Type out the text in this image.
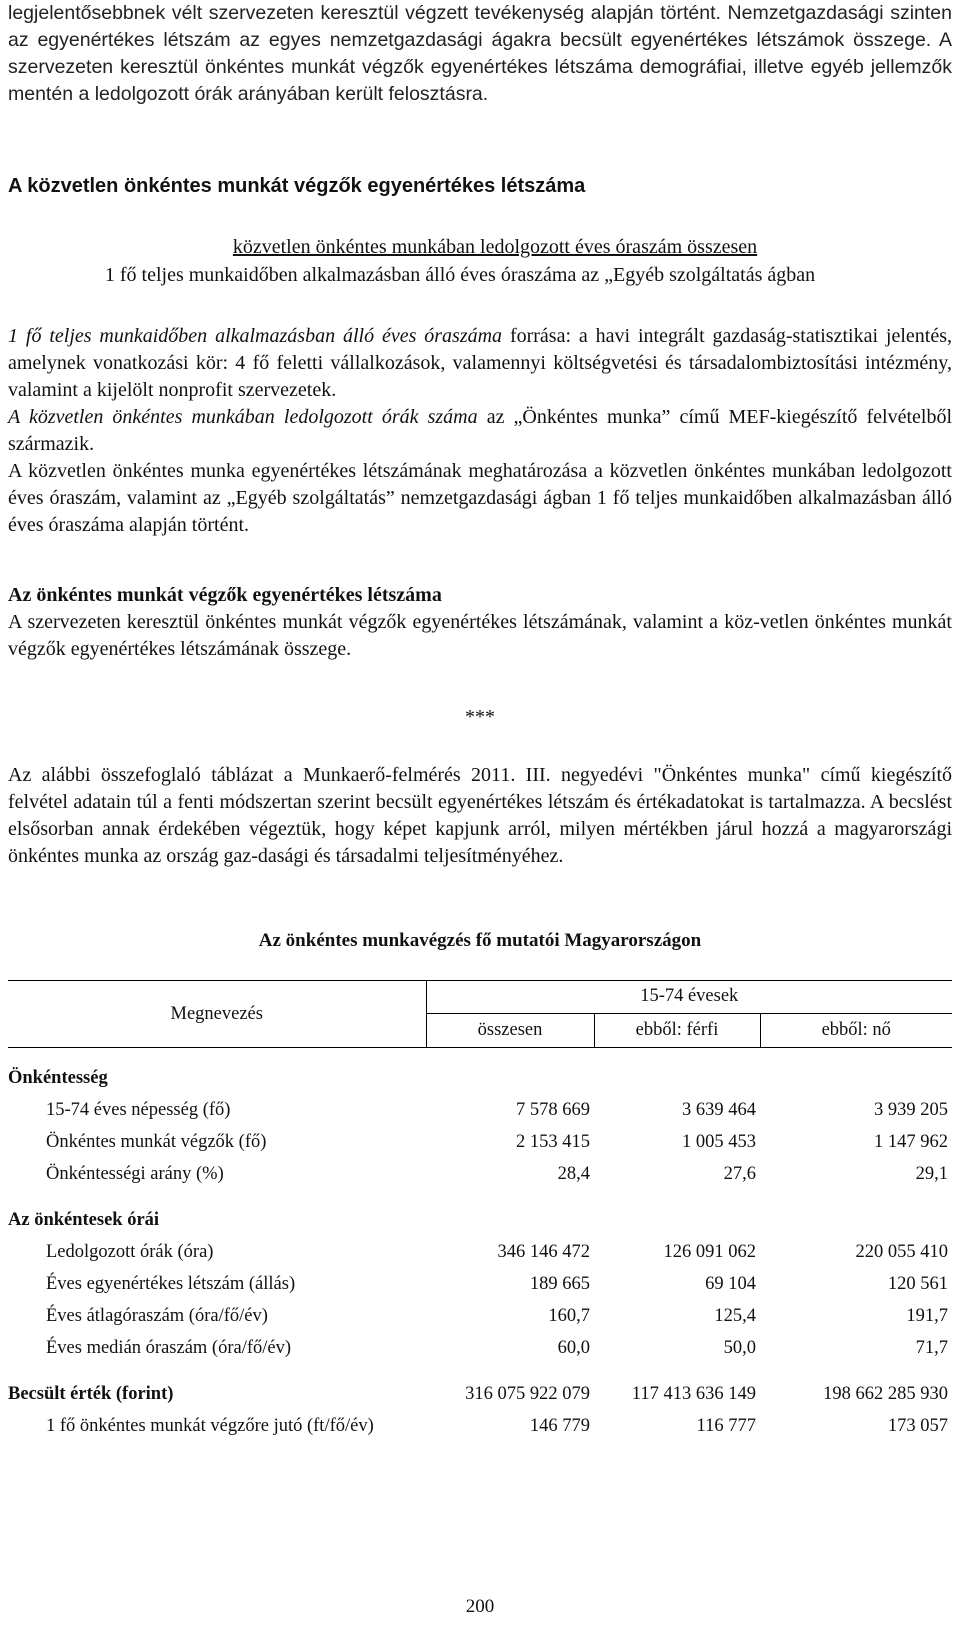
legjelentősebbnek vélt szervezeten keresztül végzett tevékenység alapján történt. Nemzetgazdasági szinten az egyenértékes létszám az egyes nemzetgazdasági ágakra becsült egyenértékes létszámok összege. A szervezeten keresztül önkéntes munkát végzők egyenértékes létszáma demográfiai, illetve egyéb jellemzők mentén a ledolgozott órák arányában került felosztásra.

A közvetlen önkéntes munkát végzők egyenértékes létszáma
közvetlen önkéntes munkában ledolgozott éves óraszám összesen
1 fő teljes munkaidőben alkalmazásban álló éves óraszáma az „Egyéb szolgáltatás ágban

1 fő teljes munkaidőben alkalmazásban álló éves óraszáma forrása: a havi integrált gazdaság-statisztikai jelentés, amelynek vonatkozási kör: 4 fő feletti vállalkozások, valamennyi költségvetési és társadalombiztosítási intézmény, valamint a kijelölt nonprofit szervezetek.

A közvetlen önkéntes munkában ledolgozott órák száma az „Önkéntes munka” című MEF-kiegészítő felvételből származik.

A közvetlen önkéntes munka egyenértékes létszámának meghatározása a közvetlen önkéntes munkában ledolgozott éves óraszám, valamint az „Egyéb szolgáltatás” nemzetgazdasági ágban 1 fő teljes munkaidőben alkalmazásban álló éves óraszáma alapján történt.

Az önkéntes munkát végzők egyenértékes létszáma

A szervezeten keresztül önkéntes munkát végzők egyenértékes létszámának, valamint a köz-vetlen önkéntes munkát végzők egyenértékes létszámának összege.

***

Az alábbi összefoglaló táblázat a Munkaerő-felmérés 2011. III. negyedévi "Önkéntes munka" című kiegészítő felvétel adatain túl a fenti módszertan szerint becsült egyenértékes létszám és értékadatokat is tartalmazza. A becslést elsősorban annak érdekében végeztük, hogy képet kapjunk arról, milyen mértékben járul hozzá a magyarországi önkéntes munka az ország gaz-dasági és társadalmi teljesítményéhez.

Az önkéntes munkavégzés fő mutatói Magyarországon
Megnevezés	15-74 évesek		
	összesen	ebből: férfi	ebből: nő

Önkéntesség			
15-74 éves népesség (fő)	7 578 669	3 639 464	3 939 205
Önkéntes munkát végzők (fő)	2 153 415	1 005 453	1 147 962
Önkéntességi arány (%)	28,4	27,6	29,1

Az önkéntesek órái			
Ledolgozott órák (óra)	346 146 472	126 091 062	220 055 410
Éves egyenértékes létszám (állás)	189 665	69 104	120 561
Éves átlagóraszám (óra/fő/év)	160,7	125,4	191,7
Éves medián óraszám (óra/fő/év)	60,0	50,0	71,7

Becsült érték (forint)	316 075 922 079	117 413 636 149	198 662 285 930
1 fő önkéntes munkát végzőre jutó (ft/fő/év)	146 779	116 777	173 057
200
